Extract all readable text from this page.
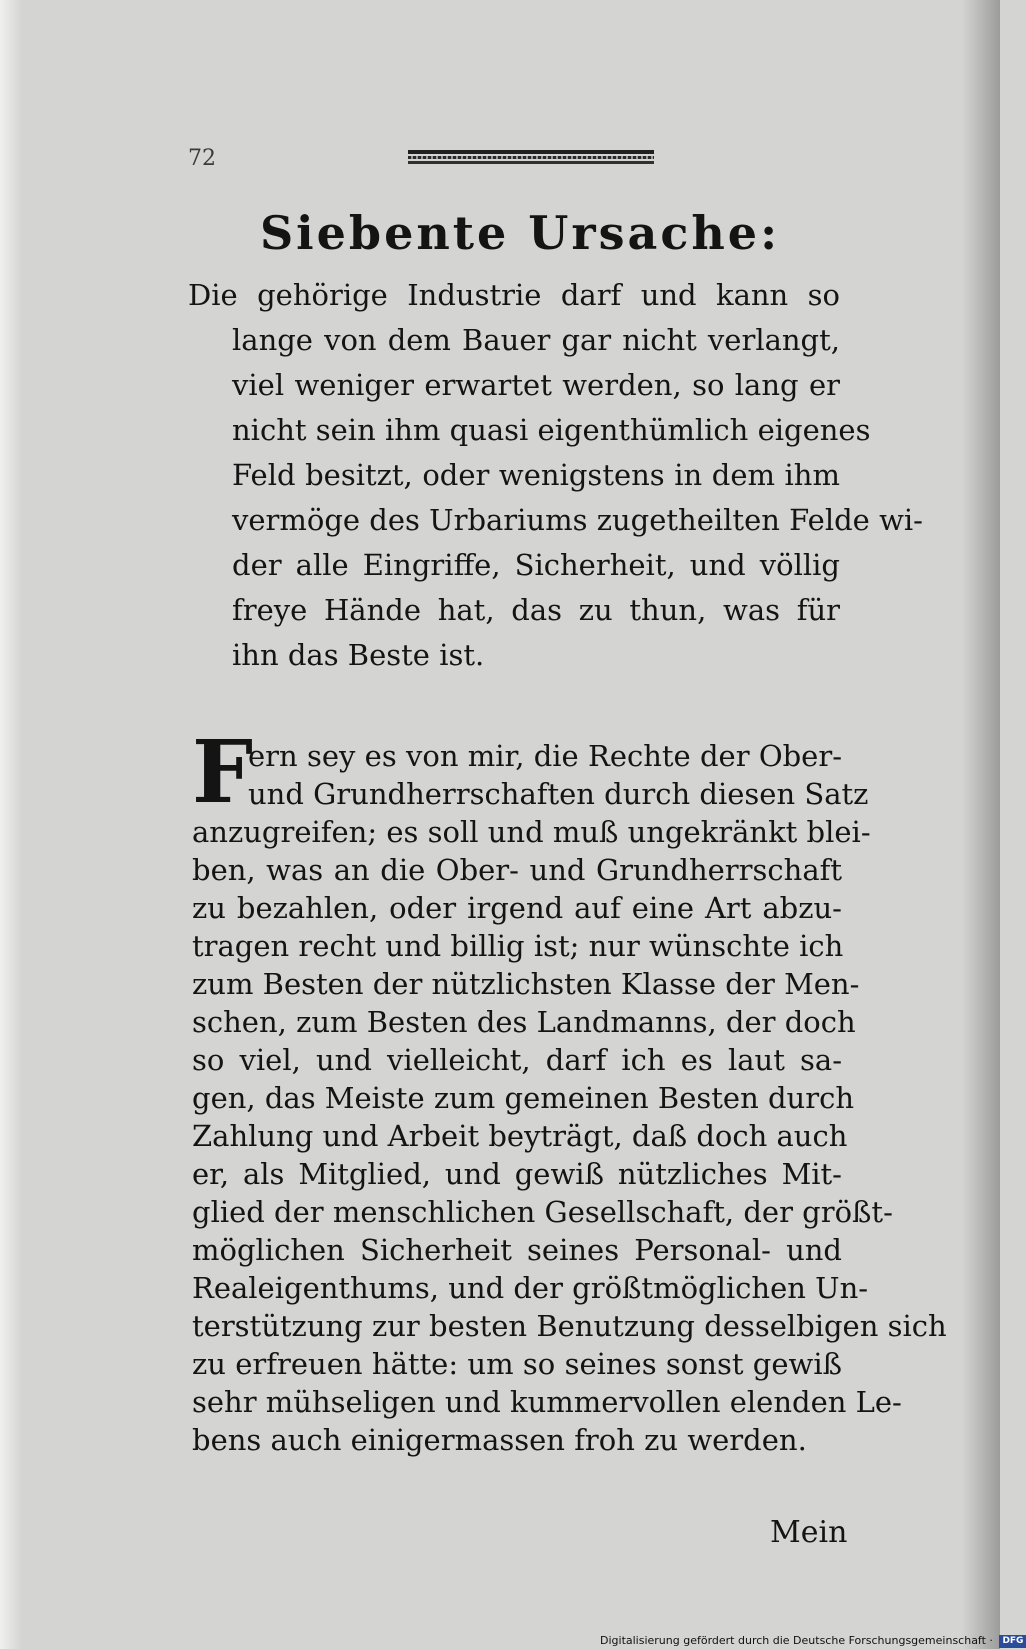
72
Siebente Ursache:
Die gehörige Industrie darf und kann so
lange von dem Bauer gar nicht verlangt,
viel weniger erwartet werden, so lang er
nicht sein ihm quasi eigenthümlich eigenes
Feld besitzt, oder wenigstens in dem ihm
vermöge des Urbariums zugetheilten Felde wi-
der alle Eingriffe, Sicherheit, und völlig
freye Hände hat, das zu thun, was für
ihn das Beste ist.
F
ern sey es von mir, die Rechte der Ober-
und Grundherrschaften durch diesen Satz
anzugreifen; es soll und muß ungekränkt blei-
ben, was an die Ober- und Grundherrschaft
zu bezahlen, oder irgend auf eine Art abzu-
tragen recht und billig ist; nur wünschte ich
zum Besten der nützlichsten Klasse der Men-
schen, zum Besten des Landmanns, der doch
so viel, und vielleicht, darf ich es laut sa-
gen, das Meiste zum gemeinen Besten durch
Zahlung und Arbeit beyträgt, daß doch auch
er, als Mitglied, und gewiß nützliches Mit-
glied der menschlichen Gesellschaft, der größt-
möglichen Sicherheit seines Personal- und
Realeigenthums, und der größtmöglichen Un-
terstützung zur besten Benutzung desselbigen sich
zu erfreuen hätte: um so seines sonst gewiß
sehr mühseligen und kummervollen elenden Le-
bens auch einigermassen froh zu werden.
Mein
Digitalisierung gefördert durch die Deutsche Forschungsgemeinschaft · DFG
